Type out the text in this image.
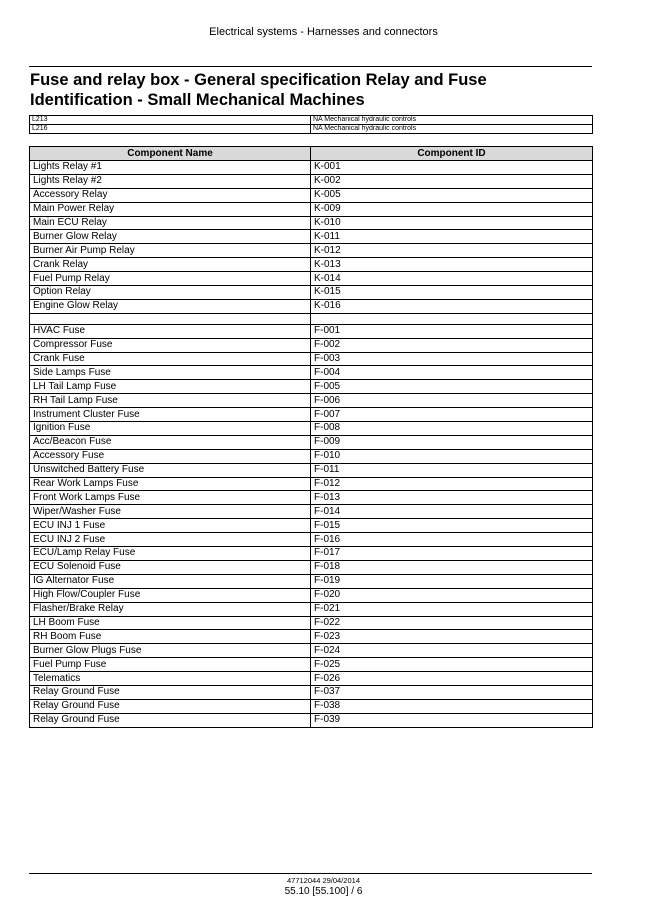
Electrical systems - Harnesses and connectors
Fuse and relay box - General specification Relay and Fuse Identification - Small Mechanical Machines
L213	NA Mechanical hydraulic controls
L216	NA Mechanical hydraulic controls
Component Name	Component ID
Lights Relay #1	K-001
Lights Relay #2	K-002
Accessory Relay	K-005
Main Power Relay	K-009
Main ECU Relay	K-010
Burner Glow Relay	K-011
Burner Air Pump Relay	K-012
Crank Relay	K-013
Fuel Pump Relay	K-014
Option Relay	K-015
Engine Glow Relay	K-016

HVAC Fuse	F-001
Compressor Fuse	F-002
Crank Fuse	F-003
Side Lamps Fuse	F-004
LH Tail Lamp Fuse	F-005
RH Tail Lamp Fuse	F-006
Instrument Cluster Fuse	F-007
Ignition Fuse	F-008
Acc/Beacon Fuse	F-009
Accessory Fuse	F-010
Unswitched Battery Fuse	F-011
Rear Work Lamps Fuse	F-012
Front Work Lamps Fuse	F-013
Wiper/Washer Fuse	F-014
ECU INJ 1 Fuse	F-015
ECU INJ 2 Fuse	F-016
ECU/Lamp Relay Fuse	F-017
ECU Solenoid Fuse	F-018
IG Alternator Fuse	F-019
High Flow/Coupler Fuse	F-020
Flasher/Brake Relay	F-021
LH Boom Fuse	F-022
RH Boom Fuse	F-023
Burner Glow Plugs Fuse	F-024
Fuel Pump Fuse	F-025
Telematics	F-026
Relay Ground Fuse	F-037
Relay Ground Fuse	F-038
Relay Ground Fuse	F-039
47712044 29/04/2014
55.10 [55.100] / 6
